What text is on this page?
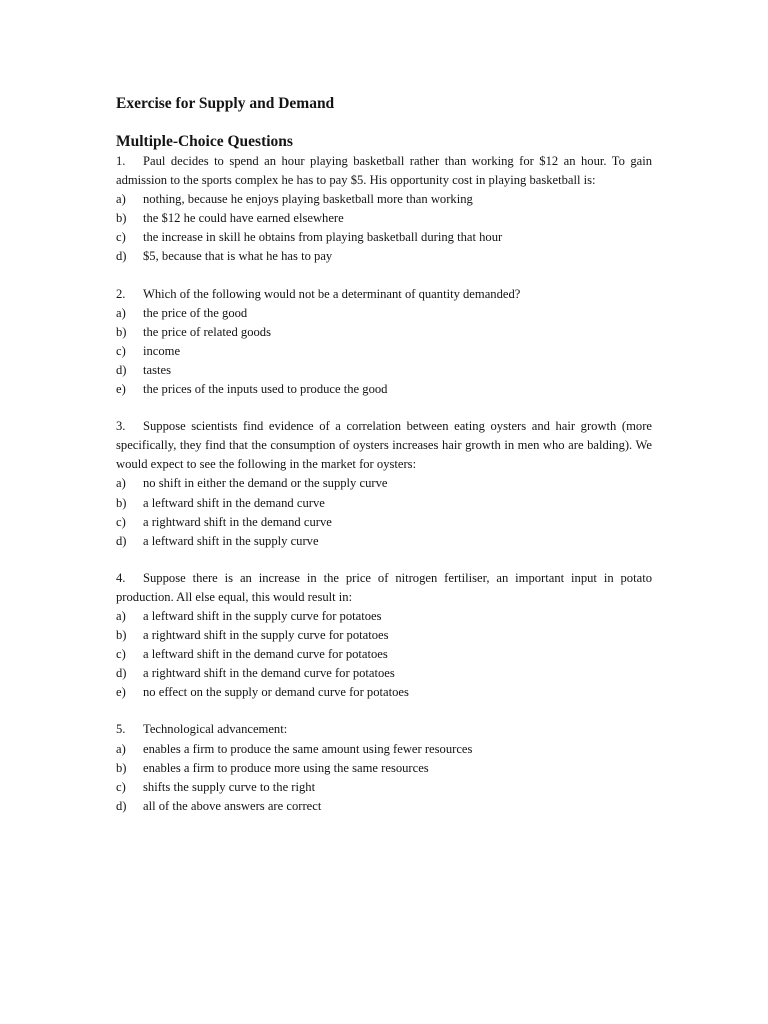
Exercise for Supply and Demand
Multiple-Choice Questions

1. Paul decides to spend an hour playing basketball rather than working for $12 an hour. To gain admission to the sports complex he has to pay $5. His opportunity cost in playing basketball is:

a)	nothing, because he enjoys playing basketball more than working
b)	the $12 he could have earned elsewhere
c)	the increase in skill he obtains from playing basketball during that hour
d)	$5, because that is what he has to pay

2. Which of the following would not be a determinant of quantity demanded?

a)	the price of the good
b)	the price of related goods
c)	income
d)	tastes
e)	the prices of the inputs used to produce the good

3. Suppose scientists find evidence of a correlation between eating oysters and hair growth (more specifically, they find that the consumption of oysters increases hair growth in men who are balding). We would expect to see the following in the market for oysters:

a)	no shift in either the demand or the supply curve
b)	a leftward shift in the demand curve
c)	a rightward shift in the demand curve
d)	a leftward shift in the supply curve

4. Suppose there is an increase in the price of nitrogen fertiliser, an important input in potato production. All else equal, this would result in:

a)	a leftward shift in the supply curve for potatoes
b)	a rightward shift in the supply curve for potatoes
c)	a leftward shift in the demand curve for potatoes
d)	a rightward shift in the demand curve for potatoes
e)	no effect on the supply or demand curve for potatoes

5. Technological advancement:

a)	enables a firm to produce the same amount using fewer resources
b)	enables a firm to produce more using the same resources
c)	shifts the supply curve to the right
d)	all of the above answers are correct
